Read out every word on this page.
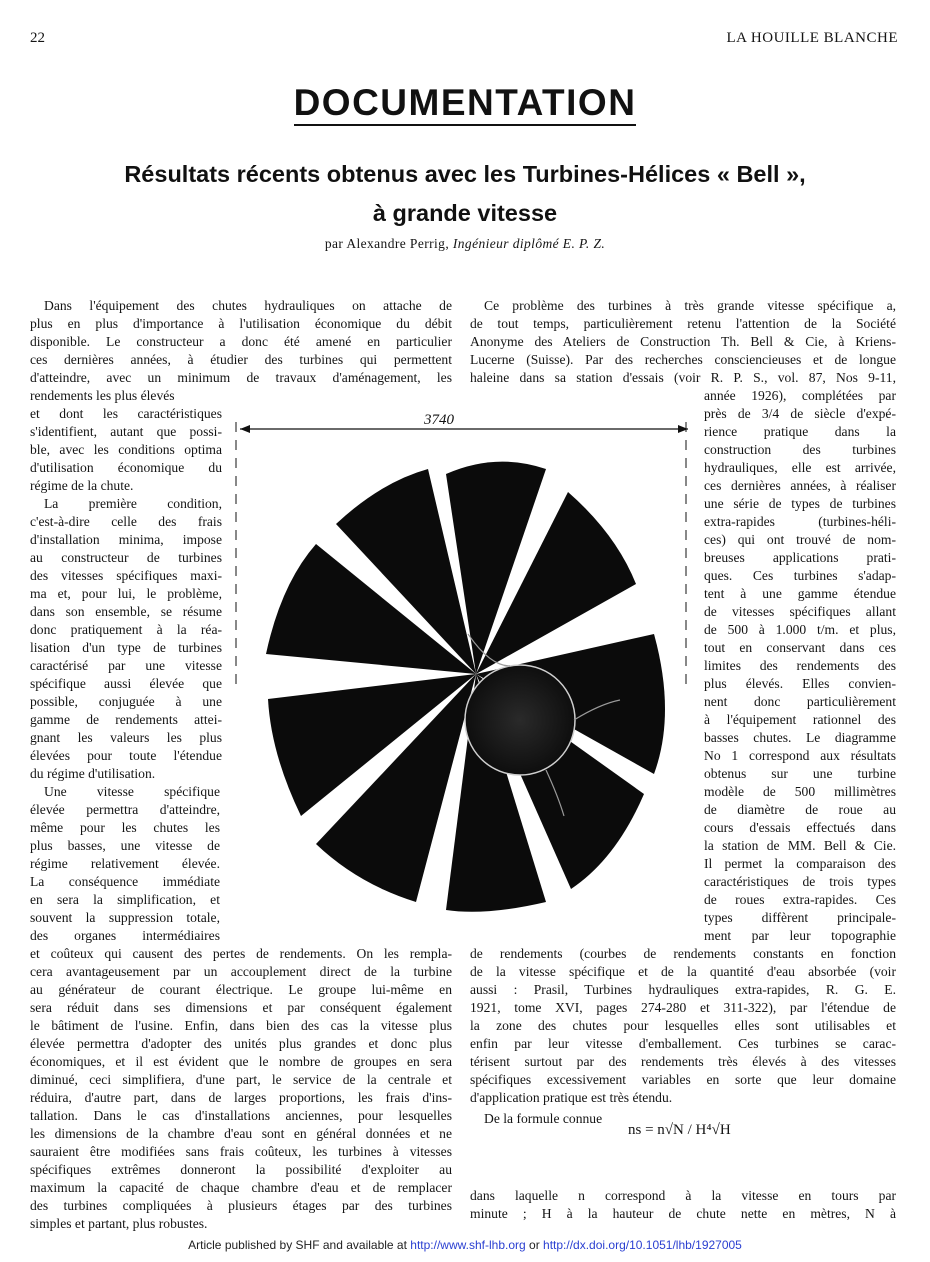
22	LA HOUILLE BLANCHE
DOCUMENTATION
Résultats récents obtenus avec les Turbines-Hélices « Bell »,
à grande vitesse
par Alexandre Perrig, Ingénieur diplômé E. P. Z.
Dans l'équipement des chutes hydrauliques on attache de
plus en plus d'importance à l'utilisation économique du débit
disponible. Le constructeur a donc été amené en particulier
ces dernières années, à étudier des turbines qui permettent
d'atteindre, avec un minimum de travaux d'aménagement, les
rendements les plus élevés
et dont les caractéristiques
s'identifient, autant que possi-
ble, avec les conditions optima
d'utilisation économique du
régime de la chute.
La première condition,
c'est-à-dire celle des frais
d'installation minima, impose
au constructeur de turbines
des vitesses spécifiques maxi-
ma et, pour lui, le problème,
dans son ensemble, se résume
donc pratiquement à la réa-
lisation d'un type de turbines
caractérisé par une vitesse
spécifique aussi élevée que
possible, conjuguée à une
gamme de rendements attei-
gnant les valeurs les plus
élevées pour toute l'étendue
du régime d'utilisation.
Une vitesse spécifique
élevée permettra d'atteindre,
même pour les chutes les
plus basses, une vitesse de
régime relativement élevée.
La conséquence immédiate
en sera la simplification, et
souvent la suppression totale,
des organes intermédiaires
et coûteux qui causent des pertes de rendements. On les rempla-
cera avantageusement par un accouplement direct de la turbine
au générateur de courant électrique. Le groupe lui-même en
sera réduit dans ses dimensions et par conséquent également
le bâtiment de l'usine. Enfin, dans bien des cas la vitesse plus
élevée permettra d'adopter des unités plus grandes et donc plus
économiques, et il est évident que le nombre de groupes en sera
diminué, ceci simplifiera, d'une part, le service de la centrale et
réduira, d'autre part, dans de larges proportions, les frais d'ins-
tallation. Dans le cas d'installations anciennes, pour lesquelles
les dimensions de la chambre d'eau sont en général données et ne
sauraient être modifiées sans frais coûteux, les turbines à vitesses
spécifiques extrêmes donneront la possibilité d'exploiter au
maximum la capacité de chaque chambre d'eau et de remplacer
des turbines compliquées à plusieurs étages par des turbines
simples et partant, plus robustes.
Ce problème des turbines à très grande vitesse spécifique a,
de tout temps, particulièrement retenu l'attention de la Société
Anonyme des Ateliers de Construction Th. Bell & Cie, à Kriens-
Lucerne (Suisse). Par des recherches consciencieuses et de longue
haleine dans sa station d'essais (voir R. P. S., vol. 87, Nos 9-11,
année 1926), complétées par
près de 3/4 de siècle d'expé-
rience pratique dans la
construction des turbines
hydrauliques, elle est arrivée,
ces dernières années, à réaliser
une série de types de turbines
extra-rapides (turbines-héli-
ces) qui ont trouvé de nom-
breuses applications prati-
ques. Ces turbines s'adap-
tent à une gamme étendue
de vitesses spécifiques allant
de 500 à 1.000 t/m. et plus,
tout en conservant dans ces
limites des rendements des
plus élevés. Elles convien-
nent donc particulièrement
à l'équipement rationnel des
basses chutes. Le diagramme
No 1 correspond aux résultats
obtenus sur une turbine
modèle de 500 millimètres
de diamètre de roue au
cours d'essais effectués dans
la station de MM. Bell & Cie.
Il permet la comparaison des
caractéristiques de trois types
de roues extra-rapides. Ces
types diffèrent principale-
ment par leur topographie
de rendements (courbes de rendements constants en fonction
de la vitesse spécifique et de la quantité d'eau absorbée (voir
aussi : Prasil, Turbines hydrauliques extra-rapides, R. G. E.
1921, tome XVI, pages 274-280 et 311-322), par l'étendue de
la zone des chutes pour lesquelles elles sont utilisables et
enfin par leur vitesse d'emballement. Ces turbines se carac-
térisent surtout par des rendements très élevés à des vitesses
spécifiques excessivement variables en sorte que leur domaine
d'application pratique est très étendu.
De la formule connue
dans laquelle n correspond à la vitesse en tours par
minute ; H à la hauteur de chute nette en mètres, N à
3740
ns = n√N / H⁴√H
Article published by SHF and available at http://www.shf-lhb.org or http://dx.doi.org/10.1051/lhb/1927005
